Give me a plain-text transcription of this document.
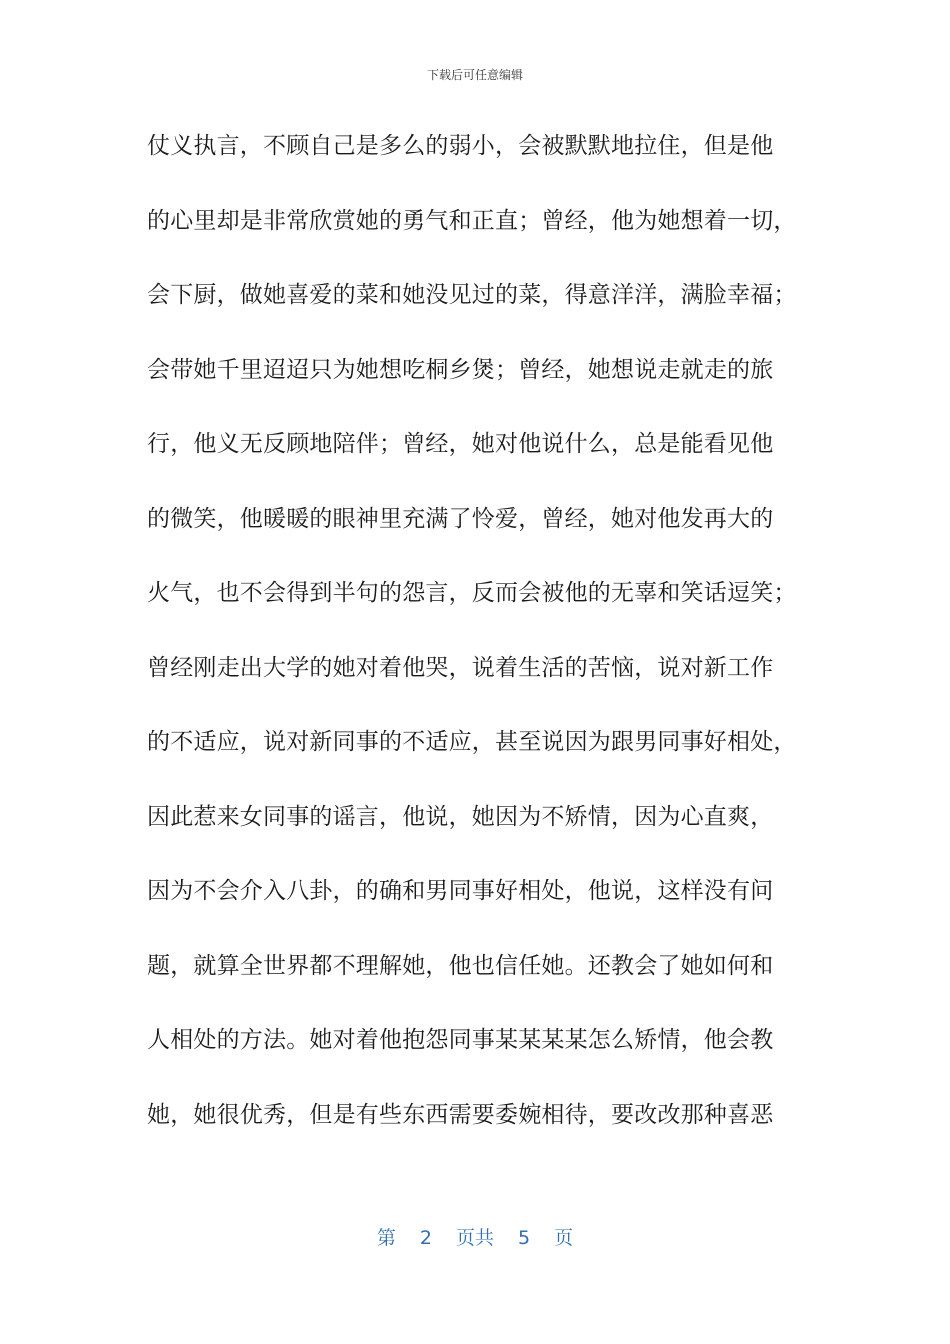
下载后可任意编辑
仗义执言，不顾自己是多么的弱小，会被默默地拉住，但是他
的心里却是非常欣赏她的勇气和正直；曾经，他为她想着一切，
会下厨，做她喜爱的菜和她没见过的菜，得意洋洋，满脸幸福；
会带她千里迢迢只为她想吃桐乡煲；曾经，她想说走就走的旅
行，他义无反顾地陪伴；曾经，她对他说什么，总是能看见他
的微笑，他暖暖的眼神里充满了怜爱，曾经，她对他发再大的
火气，也不会得到半句的怨言，反而会被他的无辜和笑话逗笑；
曾经刚走出大学的她对着他哭，说着生活的苦恼，说对新工作
的不适应，说对新同事的不适应，甚至说因为跟男同事好相处，
因此惹来女同事的谣言，他说，她因为不矫情，因为心直爽，
因为不会介入八卦，的确和男同事好相处，他说，这样没有问
题，就算全世界都不理解她，他也信任她。还教会了她如何和
人相处的方法。她对着他抱怨同事某某某某怎么矫情，他会教
她，她很优秀，但是有些东西需要委婉相待，要改改那种喜恶
第 2 页共 5 页
